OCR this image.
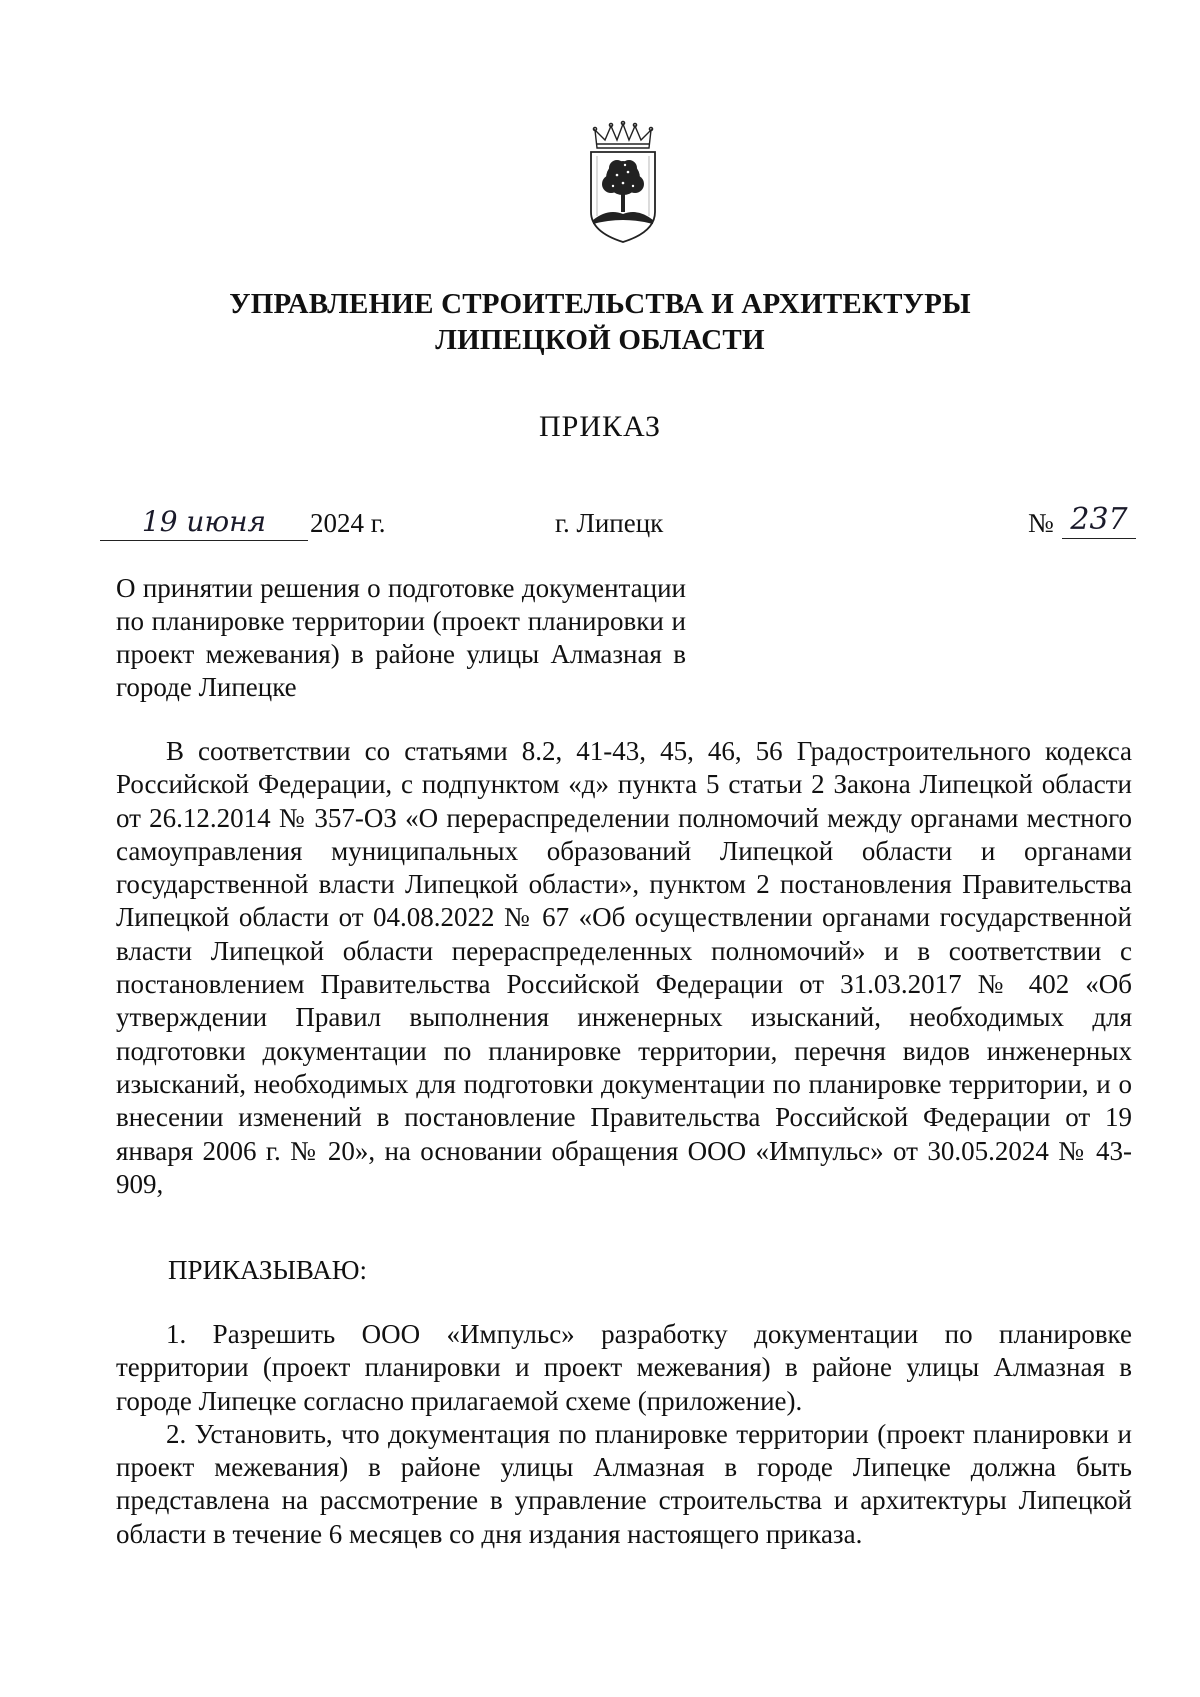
УПРАВЛЕНИЕ СТРОИТЕЛЬСТВА И АРХИТЕКТУРЫ
ЛИПЕЦКОЙ ОБЛАСТИ
ПРИКАЗ
19 июня	2024 г.	г. Липецк	№ 237
О принятии решения о подготовке документации по планировке территории (проект планировки и проект межевания) в районе улицы Алмазная в городе Липецке
В соответствии со статьями 8.2, 41-43, 45, 46, 56 Градостроительного кодекса Российской Федерации, с подпунктом «д» пункта 5 статьи 2 Закона Липецкой области от 26.12.2014 № 357-ОЗ «О перераспределении полномочий между органами местного самоуправления муниципальных образований Липецкой области и органами государственной власти Липецкой области», пунктом 2 постановления Правительства Липецкой области от 04.08.2022 № 67 «Об осуществлении органами государственной власти Липецкой области перераспределенных полномочий» и в соответствии с постановлением Правительства Российской Федерации от 31.03.2017 № 402 «Об утверждении Правил выполнения инженерных изысканий, необходимых для подготовки документации по планировке территории, перечня видов инженерных изысканий, необходимых для подготовки документации по планировке территории, и о внесении изменений в постановление Правительства Российской Федерации от 19 января 2006 г. № 20», на основании обращения ООО «Импульс» от 30.05.2024 № 43-909,
ПРИКАЗЫВАЮ:

1. Разрешить ООО «Импульс» разработку документации по планировке территории (проект планировки и проект межевания) в районе улицы Алмазная в городе Липецке согласно прилагаемой схеме (приложение).

2. Установить, что документация по планировке территории (проект планировки и проект межевания) в районе улицы Алмазная в городе Липецке должна быть представлена на рассмотрение в управление строительства и архитектуры Липецкой области в течение 6 месяцев со дня издания настоящего приказа.
